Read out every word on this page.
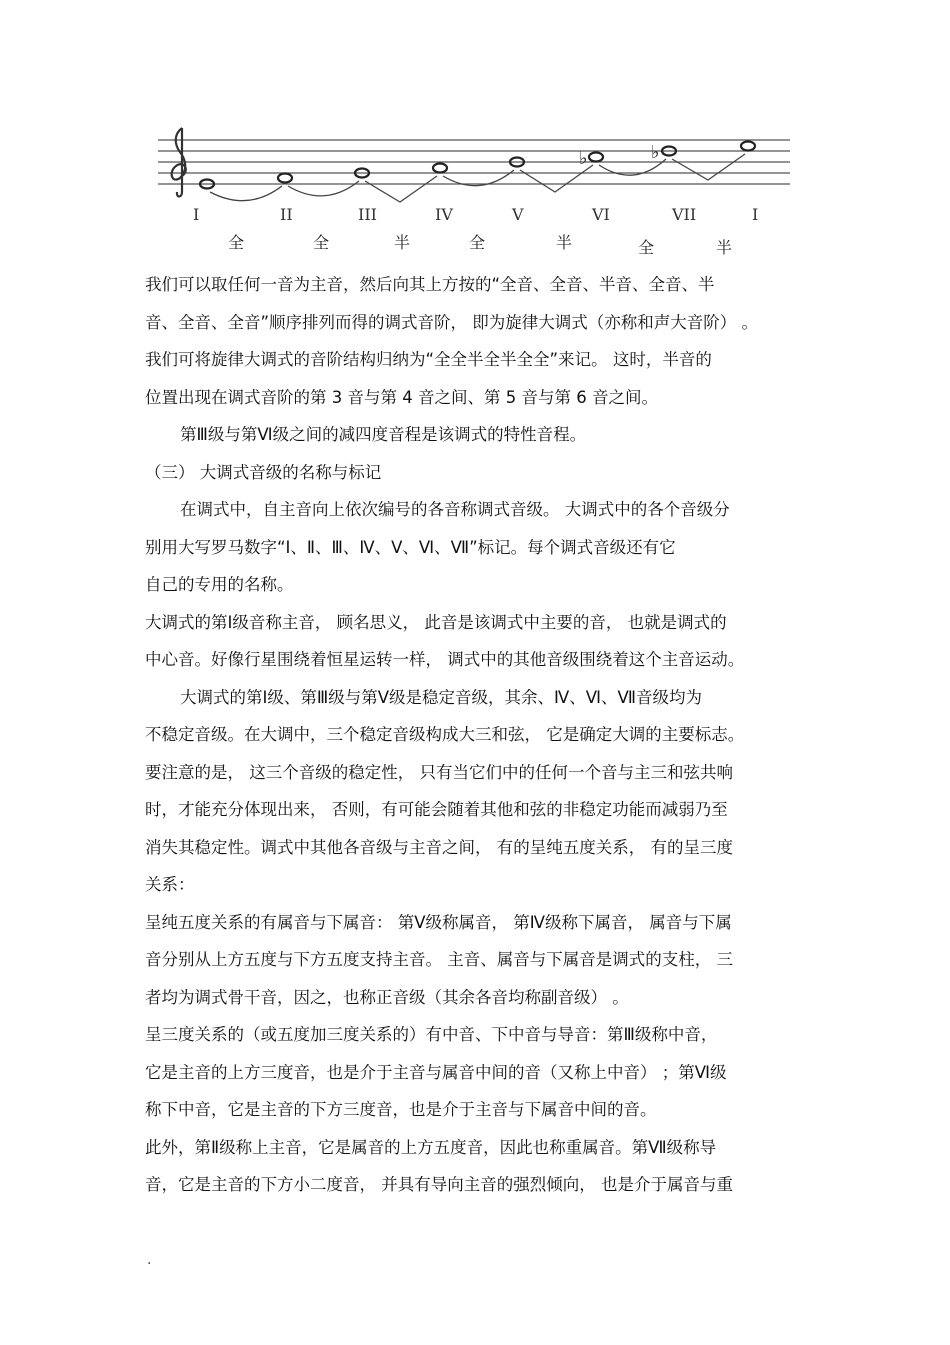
♭	♭
I	II	III	IV	V	VI	VII	I
全	全	半	全	半	全	半
我们可以取任何一音为主音，然后向其上方按的“全音、全音、半音、全音、半
音、全音、全音”顺序排列而得的调式音阶， 即为旋律大调式（亦称和声大音阶） 。
我们可将旋律大调式的音阶结构归纳为“全全半全半全全”来记。 这时，半音的
位置出现在调式音阶的第 3 音与第 4 音之间、第 5 音与第 6 音之间。
第Ⅲ级与第Ⅵ级之间的减四度音程是该调式的特性音程。
（三） 大调式音级的名称与标记
在调式中，自主音向上依次编号的各音称调式音级。 大调式中的各个音级分
别用大写罗马数字“Ⅰ、Ⅱ、Ⅲ、Ⅳ、Ⅴ、Ⅵ、Ⅶ”标记。每个调式音级还有它
自己的专用的名称。
大调式的第Ⅰ级音称主音， 顾名思义， 此音是该调式中主要的音， 也就是调式的
中心音。好像行星围绕着恒星运转一样， 调式中的其他音级围绕着这个主音运动。
大调式的第Ⅰ级、第Ⅲ级与第Ⅴ级是稳定音级，其余、Ⅳ、Ⅵ、Ⅶ音级均为
不稳定音级。在大调中，三个稳定音级构成大三和弦， 它是确定大调的主要标志。
要注意的是， 这三个音级的稳定性， 只有当它们中的任何一个音与主三和弦共响
时，才能充分体现出来， 否则，有可能会随着其他和弦的非稳定功能而减弱乃至
消失其稳定性。调式中其他各音级与主音之间， 有的呈纯五度关系， 有的呈三度
关系：
呈纯五度关系的有属音与下属音： 第Ⅴ级称属音， 第Ⅳ级称下属音， 属音与下属
音分别从上方五度与下方五度支持主音。 主音、属音与下属音是调式的支柱， 三
者均为调式骨干音，因之，也称正音级（其余各音均称副音级） 。
呈三度关系的（或五度加三度关系的）有中音、下中音与导音：第Ⅲ级称中音，
它是主音的上方三度音，也是介于主音与属音中间的音（又称上中音） ；第Ⅵ级
称下中音，它是主音的下方三度音，也是介于主音与下属音中间的音。
此外，第Ⅱ级称上主音，它是属音的上方五度音，因此也称重属音。第Ⅶ级称导
音，它是主音的下方小二度音， 并具有导向主音的强烈倾向， 也是介于属音与重
.
